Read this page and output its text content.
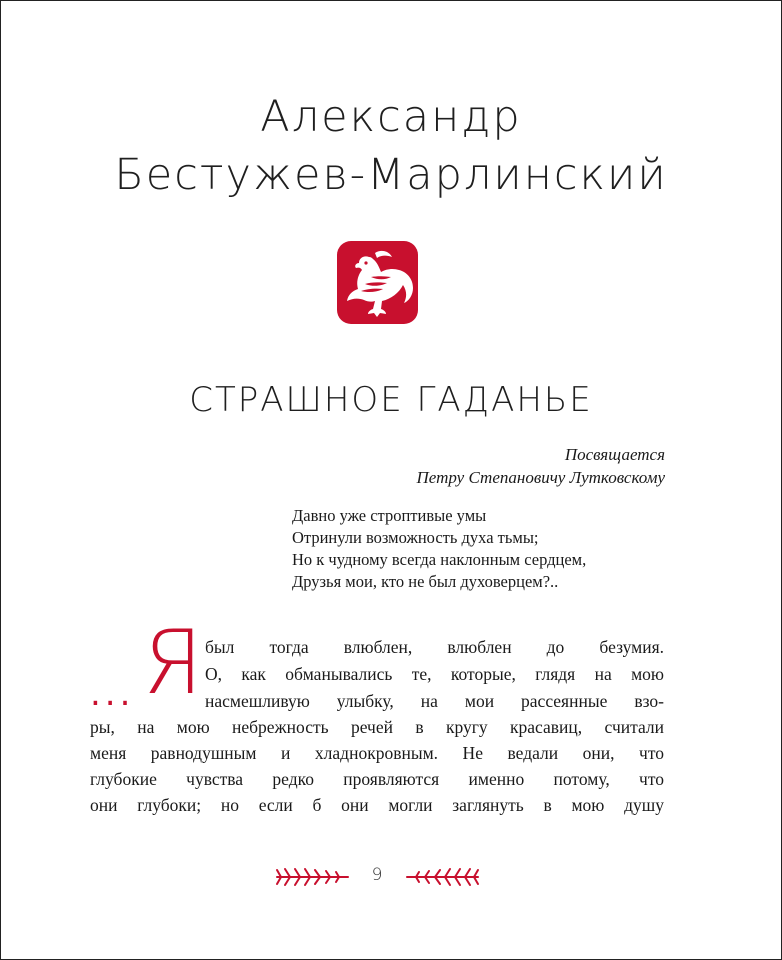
Александр
Бестужев-Марлинский
СТРАШНОЕ ГАДАНЬЕ
Посвящается
Петру Степановичу Лутковскому
Давно уже строптивые умы
Отринули возможность духа тьмы;
Но к чудному всегда наклонным сердцем,
Друзья мои, кто не был духоверцем?..
... Я был тогда влюблен, влюблен до безумия.
О, как обманывались те, которые, глядя на мою
насмешливую улыбку, на мои рассеянные взо-
ры, на мою небрежность речей в кругу красавиц, считали
меня равнодушным и хладнокровным. Не ведали они, что
глубокие чувства редко проявляются именно потому, что
они глубоки; но если б они могли заглянуть в мою душу
9
